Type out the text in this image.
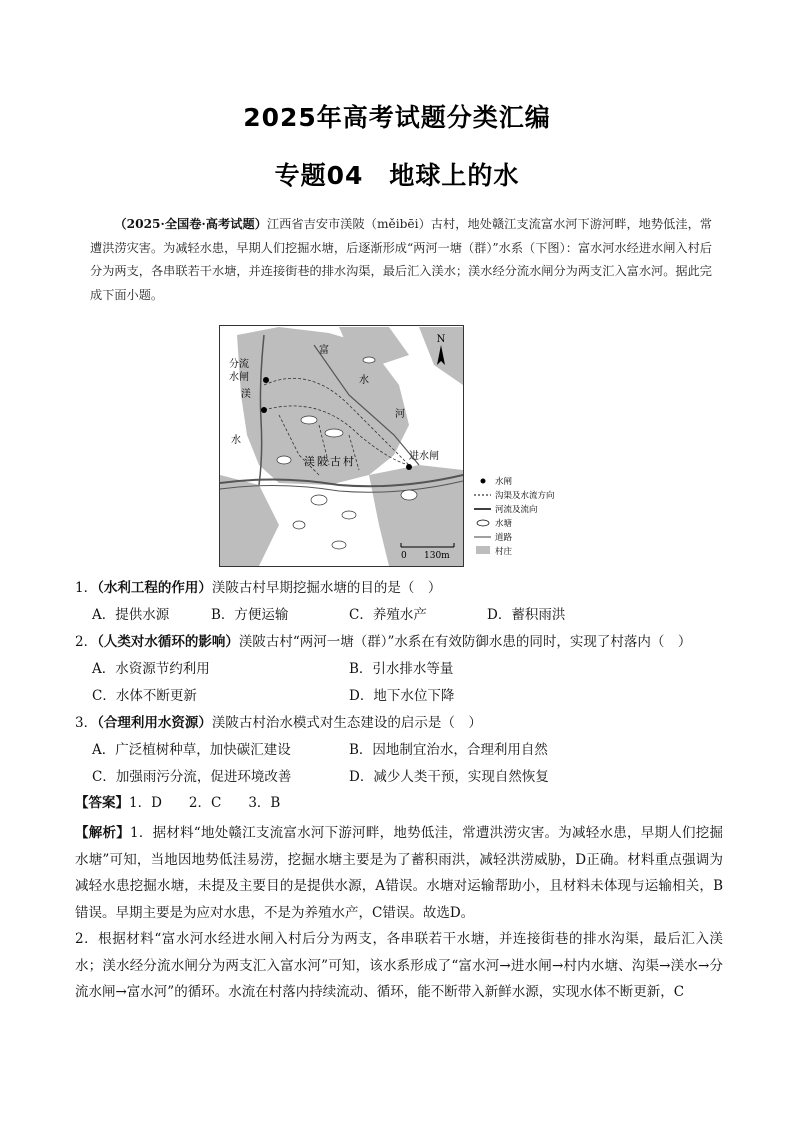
2025年高考试题分类汇编
专题04 地球上的水
（2025·全国卷·高考试题）江西省吉安市渼陂（měibēi）古村，地处赣江支流富水河下游河畔，地势低洼，常遭洪涝灾害。为减轻水患，早期人们挖掘水塘，后逐渐形成“两河一塘（群）”水系（下图）：富水河水经进水闸入村后分为两支，各串联若干水塘，并连接街巷的排水沟渠，最后汇入渼水；渼水经分流水闸分为两支汇入富水河。据此完成下面小题。
N
分流
水闸
渼
水
富
水
河
进水闸
渼陂古村
0 130m
水闸
沟渠及水流方向
河流及流向
水塘
道路
村庄
1．（水利工程的作用）渼陂古村早期挖掘水塘的目的是（　）
A．提供水源	B．方便运输	C．养殖水产	D．蓄积雨洪
2．（人类对水循环的影响）渼陂古村“两河一塘（群）”水系在有效防御水患的同时，实现了村落内（　）
A．水资源节约利用	B．引水排水等量
C．水体不断更新	D．地下水位下降
3．（合理利用水资源）渼陂古村治水模式对生态建设的启示是（　）
A．广泛植树种草，加快碳汇建设	B．因地制宜治水，合理利用自然
C．加强雨污分流，促进环境改善	D．减少人类干预，实现自然恢复
【答案】1．D　　2．C　　3．B
【解析】1．据材料“地处赣江支流富水河下游河畔，地势低洼，常遭洪涝灾害。为减轻水患，早期人们挖掘水塘”可知，当地因地势低洼易涝，挖掘水塘主要是为了蓄积雨洪，减轻洪涝威胁，D正确。材料重点强调为减轻水患挖掘水塘，未提及主要目的是提供水源，A错误。水塘对运输帮助小，且材料未体现与运输相关，B错误。早期主要是为应对水患，不是为养殖水产，C错误。故选D。
2．根据材料“富水河水经进水闸入村后分为两支，各串联若干水塘，并连接街巷的排水沟渠，最后汇入渼水；渼水经分流水闸分为两支汇入富水河”可知，该水系形成了“富水河→进水闸→村内水塘、沟渠→渼水→分流水闸→富水河”的循环。水流在村落内持续流动、循环，能不断带入新鲜水源，实现水体不断更新，C
